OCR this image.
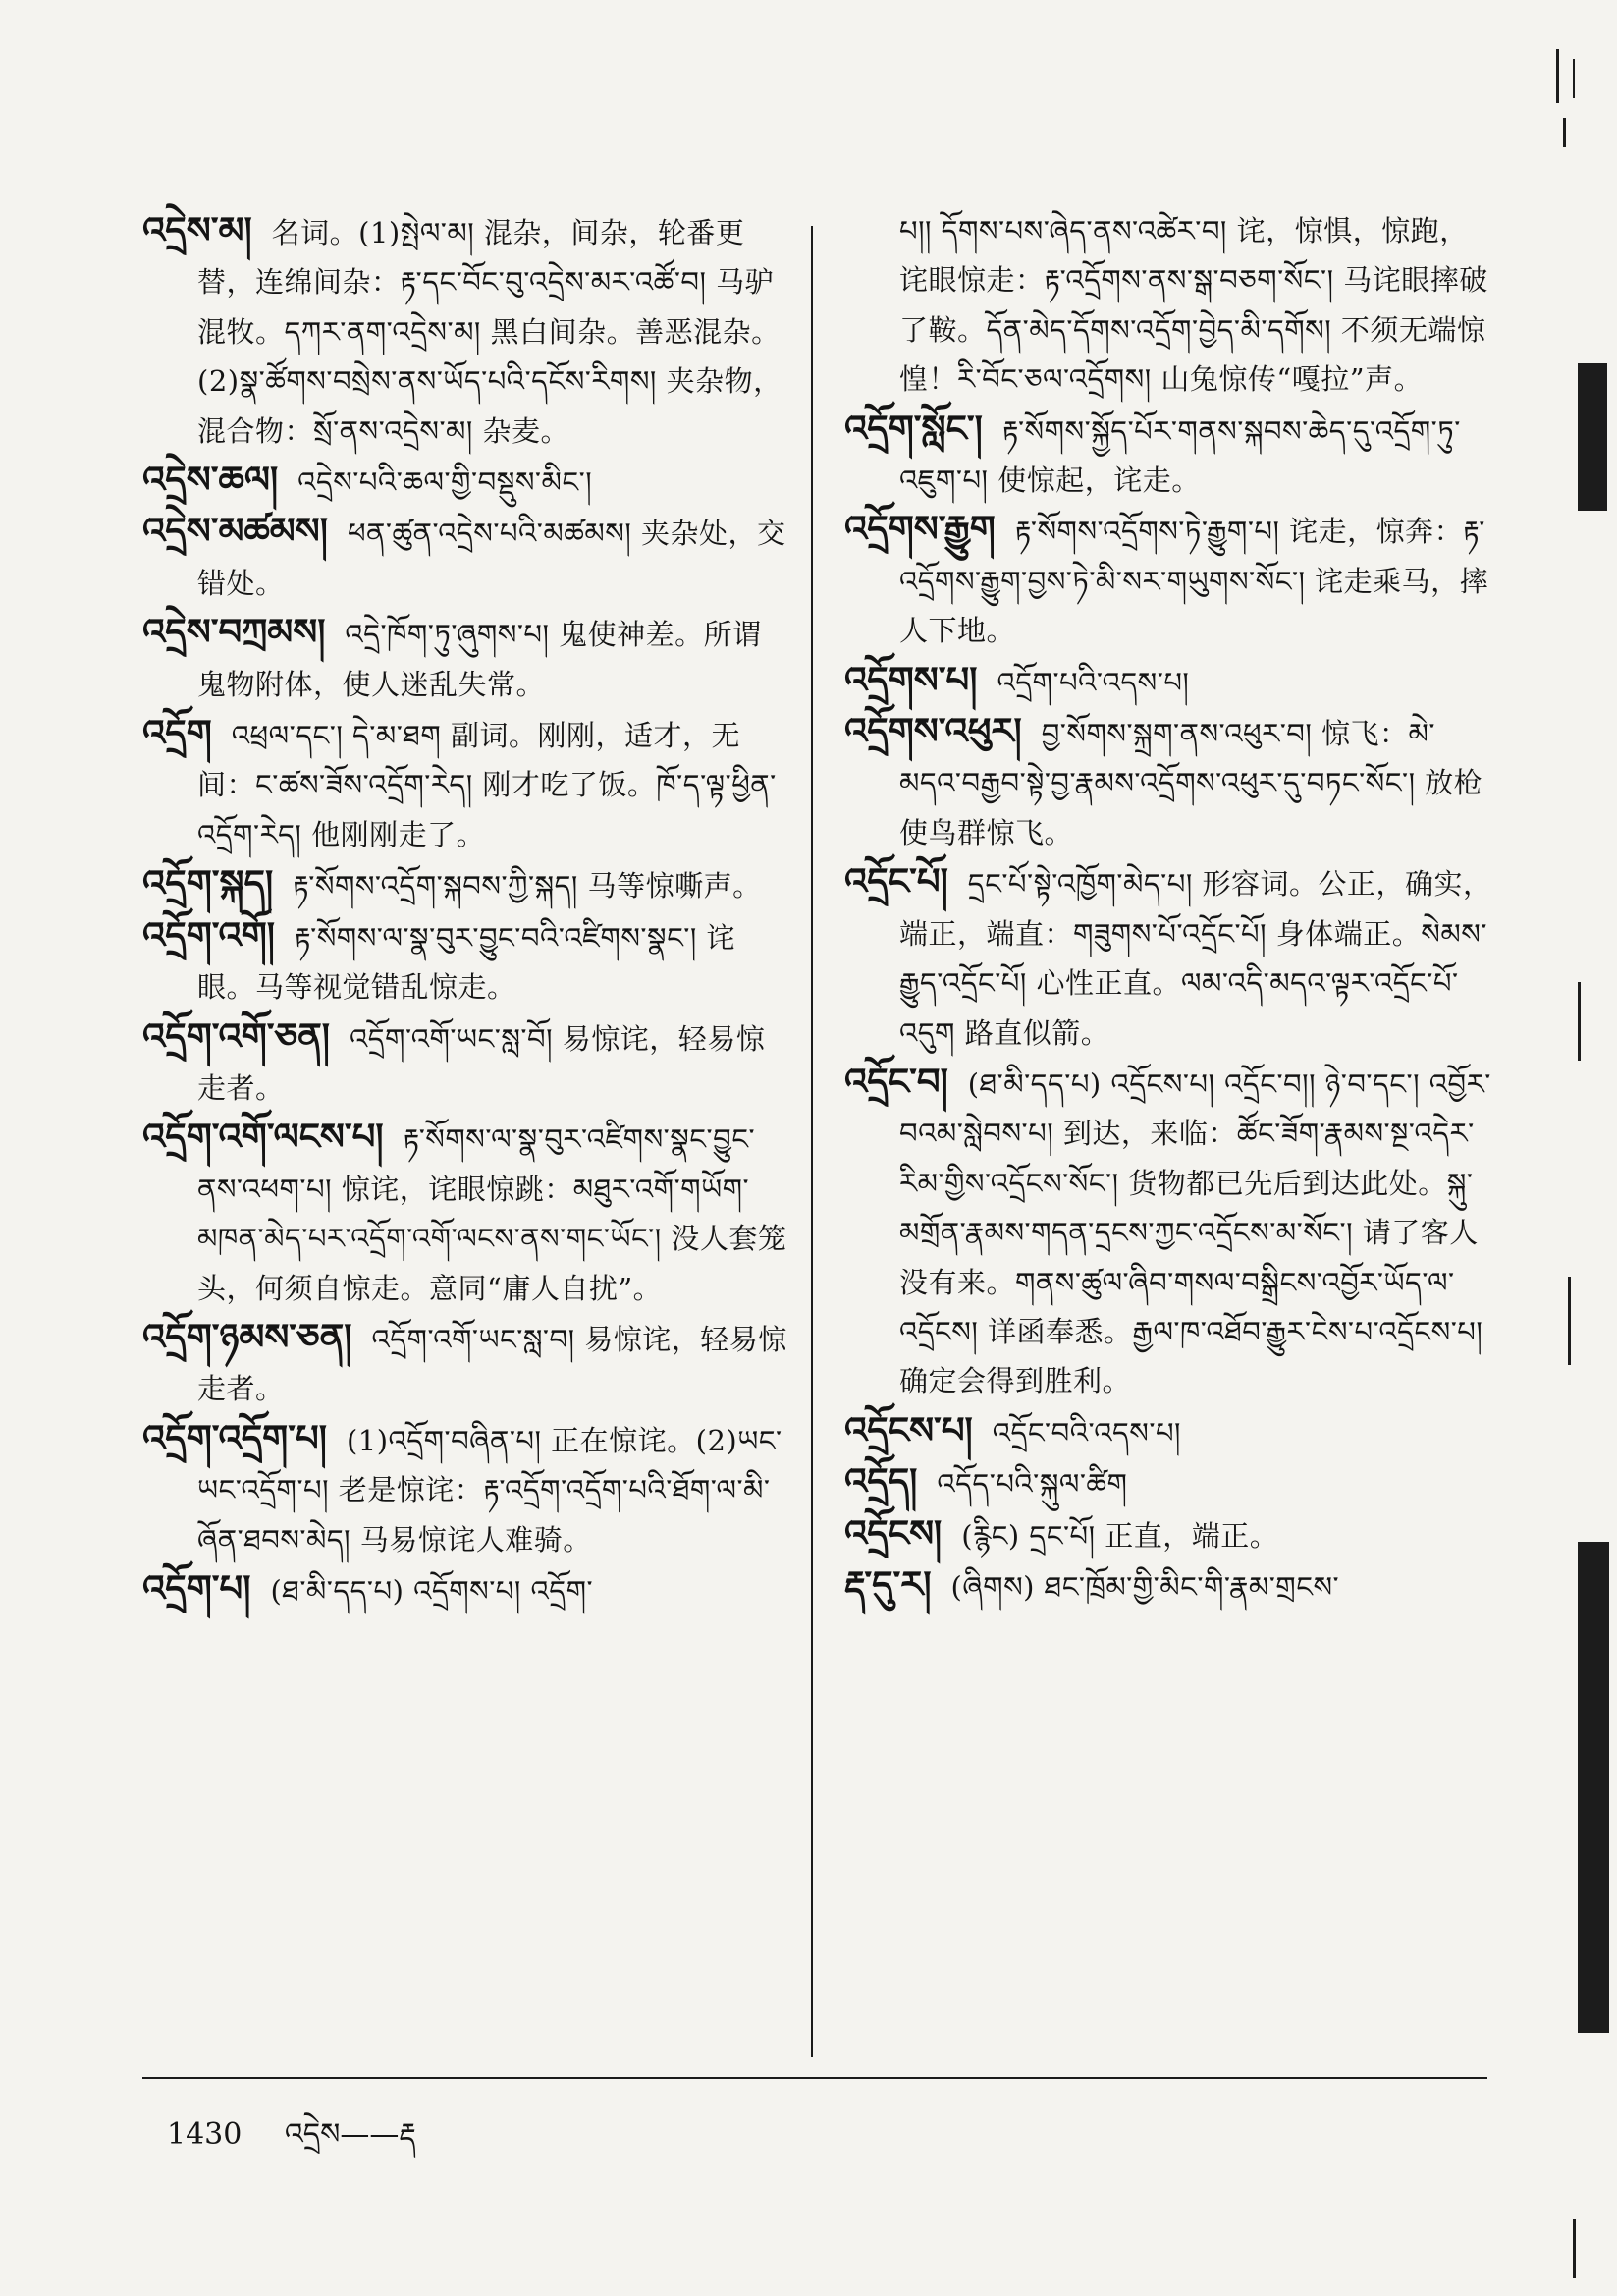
འདྲེས་མ། 名词。(1)སྤེལ་མ། 混杂，间杂，轮番更替，连绵间杂：རྟ་དང་བོང་བུ་འདྲེས་མར་འཚོ་བ། 马驴混牧。དཀར་ནག་འདྲེས་མ། 黑白间杂。善恶混杂。(2)སྣ་ཚོགས་བསྲེས་ནས་ཡོད་པའི་དངོས་རིགས། 夹杂物，混合物：སྲོ་ནས་འདྲེས་མ། 杂麦。

འདྲེས་ཆལ། འདྲེས་པའི་ཆལ་གྱི་བསྡུས་མིང་།

འདྲེས་མཚམས། ཕན་ཚུན་འདྲེས་པའི་མཚམས། 夹杂处，交错处。

འདྲེས་བཀྲམས། འདྲེ་ཁོག་ཏུ་ཞུགས་པ། 鬼使神差。所谓鬼物附体，使人迷乱失常。

འདྲོག འཕྲལ་དང་། དེ་མ་ཐག 副词。刚刚，适才，无间：ང་ཚས་ཟོས་འདྲོག་རེད། 刚才吃了饭。ཁོ་ད་ལྟ་ཕྱིན་འདྲོག་རེད། 他刚刚走了。

འདྲོག་སྐད། རྟ་སོགས་འདྲོག་སྐབས་ཀྱི་སྐད། 马等惊嘶声。

འདྲོག་འགོ། རྟ་སོགས་ལ་སྣ་བུར་བྱུང་བའི་འཛིགས་སྣང་། 诧眼。马等视觉错乱惊走。

འདྲོག་འགོ་ཅན། འདྲོག་འགོ་ཡང་སླ་བོ། 易惊诧，轻易惊走者。

འདྲོག་འགོ་ལངས་པ། རྟ་སོགས་ལ་སྣ་བུར་འཛིགས་སྣང་བྱུང་ནས་འཕག་པ། 惊诧，诧眼惊跳：མཐུར་འགོ་གཡོག་མཁན་མེད་པར་འདྲོག་འགོ་ལངས་ནས་གང་ཡོང་། 没人套笼头，何须自惊走。意同“庸人自扰”。

འདྲོག་ཉམས་ཅན། འདྲོག་འགོ་ཡང་སླ་བ། 易惊诧，轻易惊走者。

འདྲོག་འདྲོག་པ། (1)འདྲོག་བཞིན་པ། 正在惊诧。(2)ཡང་ཡང་འདྲོག་པ། 老是惊诧：རྟ་འདྲོག་འདྲོག་པའི་ཐོག་ལ་མི་ཞོན་ཐབས་མེད། 马易惊诧人难骑。

འདྲོག་པ། (ཐ་མི་དད་པ) འདྲོགས་པ། འདྲོག་

པ།། དོགས་པས་ཞེད་ནས་འཚེར་བ། 诧，惊惧，惊跑，诧眼惊走：རྟ་འདྲོགས་ནས་སྒ་བཅག་སོང་། 马诧眼摔破了鞍。དོན་མེད་དོགས་འདྲོག་བྱེད་མི་དགོས། 不须无端惊惶！རི་བོང་ཅལ་འདྲོགས། 山兔惊传“嘎拉”声。

འདྲོག་སློང་། རྟ་སོགས་སྐྱོད་པོར་གནས་སྐབས་ཆེད་དུ་འདྲོག་ཏུ་འཇུག་པ། 使惊起，诧走。

འདྲོགས་རྒྱུག རྟ་སོགས་འདྲོགས་ཏེ་རྒྱུག་པ། 诧走，惊奔：རྟ་འདྲོགས་རྒྱུག་བྱས་ཏེ་མི་སར་གཡུགས་སོང་། 诧走乘马，摔人下地。

འདྲོགས་པ། འདྲོག་པའི་འདས་པ།

འདྲོགས་འཕུར། བྱ་སོགས་སྐྲག་ནས་འཕུར་བ། 惊飞：མེ་མདའ་བརྒྱབ་སྟེ་བྱ་རྣམས་འདྲོགས་འཕུར་དུ་བཏང་སོང་། 放枪使鸟群惊飞。

འདྲོང་པོ། དྲང་པོ་སྟེ་འཁྱོག་མེད་པ། 形容词。公正，确实，端正，端直：གཟུགས་པོ་འདྲོང་པོ། 身体端正。སེམས་རྒྱུད་འདྲོང་པོ། 心性正直。ལམ་འདི་མདའ་ལྟར་འདྲོང་པོ་འདུག 路直似箭。

འདྲོང་བ། (ཐ་མི་དད་པ) འདྲོངས་པ། འདྲོང་བ།། ཉེ་བ་དང་། འབྱོར་བའམ་སླེབས་པ། 到达，来临：ཚོང་ཟོག་རྣམས་སྔ་འདེར་རིམ་གྱིས་འདྲོངས་སོང་། 货物都已先后到达此处。སྐུ་མགྲོན་རྣམས་གདན་དྲངས་ཀྱང་འདྲོངས་མ་སོང་། 请了客人没有来。གནས་ཚུལ་ཞིབ་གསལ་བསྒྲིངས་འབྱོར་ཡོད་ལ་འདྲོངས། 详函奉悉。རྒྱལ་ཁ་འཐོབ་རྒྱུར་ངེས་པ་འདྲོངས་པ། 确定会得到胜利。

འདྲོངས་པ། འདྲོང་བའི་འདས་པ།

འདྲོད། འདོད་པའི་སྐུལ་ཚིག

འདྲོངས། (རྙིང) དྲང་པོ། 正直，端正。

རྡ་དུ་ར། (ཞིགས) ཐང་ཁྲོམ་གྱི་མིང་གི་རྣམ་གྲངས་

1430 འདྲེས——རྡ
